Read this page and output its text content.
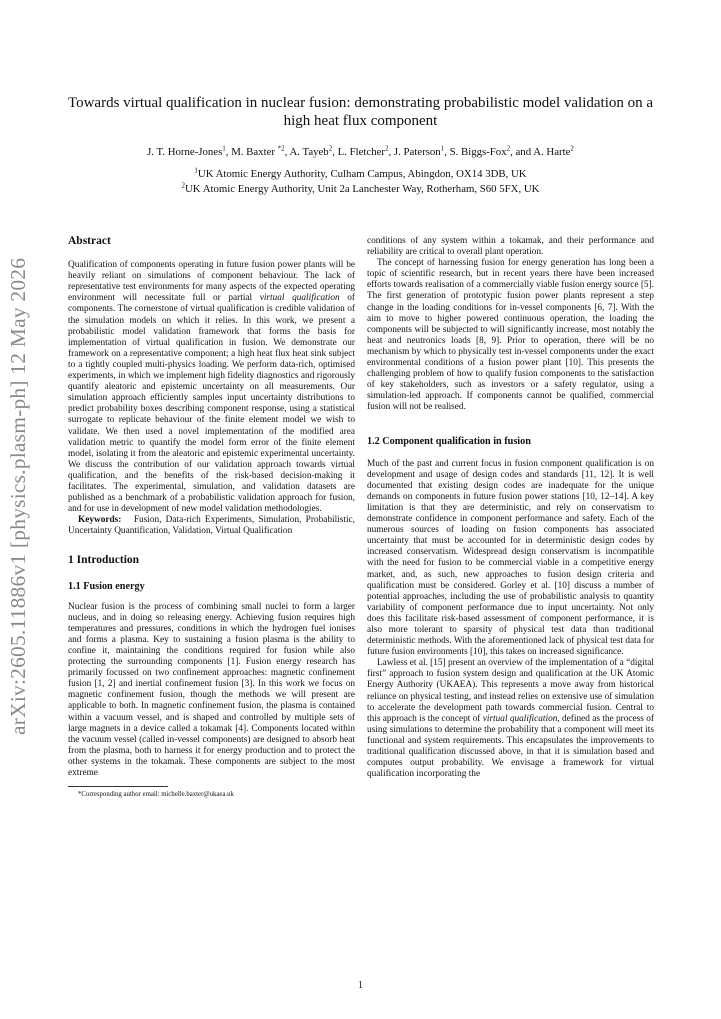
arXiv:2605.11886v1 [physics.plasm-ph] 12 May 2026
Towards virtual qualification in nuclear fusion: demonstrating probabilistic model validation on a high heat flux component
J. T. Horne-Jones$^1$, M. Baxter $^{*2}$, A. Tayeb$^2$, L. Fletcher$^2$, J. Paterson$^1$, S. Biggs-Fox$^2$, and A. Harte$^2$
$^1$UK Atomic Energy Authority, Culham Campus, Abingdon, OX14 3DB, UK
$^2$UK Atomic Energy Authority, Unit 2a Lanchester Way, Rotherham, S60 5FX, UK
Abstract

Qualification of components operating in future fusion power plants will be heavily reliant on simulations of component behaviour. The lack of representative test environments for many aspects of the expected operating environment will necessitate full or partial virtual qualification of components. The cornerstone of virtual qualification is credible validation of the simulation models on which it relies. In this work, we present a probabilistic model validation framework that forms the basis for implementation of virtual qualification in fusion. We demonstrate our framework on a representative component; a high heat flux heat sink subject to a tightly coupled multi-physics loading. We perform data-rich, optimised experiments, in which we implement high fidelity diagnostics and rigorously quantify aleatoric and epistemic uncertainty on all measurements. Our simulation approach efficiently samples input uncertainty distributions to predict probability boxes describing component response, using a statistical surrogate to replicate behaviour of the finite element model we wish to validate. We then used a novel implementation of the modified area validation metric to quantify the model form error of the finite element model, isolating it from the aleatoric and epistemic experimental uncertainty. We discuss the contribution of our validation approach towards virtual qualification, and the benefits of the risk-based decision-making it facilitates. The experimental, simulation, and validation datasets are published as a benchmark of a probabilistic validation approach for fusion, and for use in development of new model validation methodologies.

Keywords: Fusion, Data-rich Experiments, Simulation, Probabilistic, Uncertainty Quantification, Validation, Virtual Qualification

1 Introduction
1.1 Fusion energy

Nuclear fusion is the process of combining small nuclei to form a larger nucleus, and in doing so releasing energy. Achieving fusion requires high temperatures and pressures, conditions in which the hydrogen fuel ionises and forms a plasma. Key to sustaining a fusion plasma is the ability to confine it, maintaining the conditions required for fusion while also protecting the surrounding components [1]. Fusion energy research has primarily focussed on two confinement approaches: magnetic confinement fusion [1, 2] and inertial confinement fusion [3]. In this work we focus on magnetic confinement fusion, though the methods we will present are applicable to both. In magnetic confinement fusion, the plasma is contained within a vacuum vessel, and is shaped and controlled by multiple sets of large magnets in a device called a tokamak [4]. Components located within the vacuum vessel (called in-vessel components) are designed to absorb heat from the plasma, both to harness it for energy production and to protect the other systems in the tokamak. These components are subject to the most extreme

*Corresponding author email: michelle.baxter@ukaea.uk

conditions of any system within a tokamak, and their performance and reliability are critical to overall plant operation.

The concept of harnessing fusion for energy generation has long been a topic of scientific research, but in recent years there have been increased efforts towards realisation of a commercially viable fusion energy source [5]. The first generation of prototypic fusion power plants represent a step change in the loading conditions for in-vessel components [6, 7]. With the aim to move to higher powered continuous operation, the loading the components will be subjected to will significantly increase, most notably the heat and neutronics loads [8, 9]. Prior to operation, there will be no mechanism by which to physically test in-vessel components under the exact environmental conditions of a fusion power plant [10]. This presents the challenging problem of how to qualify fusion components to the satisfaction of key stakeholders, such as investors or a safety regulator, using a simulation-led approach. If components cannot be qualified, commercial fusion will not be realised.

1.2 Component qualification in fusion

Much of the past and current focus in fusion component qualification is on development and usage of design codes and standards [11, 12]. It is well documented that existing design codes are inadequate for the unique demands on components in future fusion power stations [10, 12–14]. A key limitation is that they are deterministic, and rely on conservatism to demonstrate confidence in component performance and safety. Each of the numerous sources of loading on fusion components has associated uncertainty that must be accounted for in deterministic design codes by increased conservatism. Widespread design conservatism is incompatible with the need for fusion to be commercial viable in a competitive energy market, and, as such, new approaches to fusion design criteria and qualification must be considered. Gorley et al. [10] discuss a number of potential approaches, including the use of probabilistic analysis to quantity variability of component performance due to input uncertainty. Not only does this facilitate risk-based assessment of component performance, it is also more tolerant to sparsity of physical test data than traditional deterministic methods. With the aforementioned lack of physical test data for future fusion environments [10], this takes on increased significance.

Lawless et al. [15] present an overview of the implementation of a “digital first” approach to fusion system design and qualification at the UK Atomic Energy Authority (UKAEA). This represents a move away from historical reliance on physical testing, and instead relies on extensive use of simulation to accelerate the development path towards commercial fusion. Central to this approach is the concept of virtual qualification, defined as the process of using simulations to determine the probability that a component will meet its functional and system requirements. This encapsulates the improvements to traditional qualification discussed above, in that it is simulation based and computes output probability. We envisage a framework for virtual qualification incorporating the

1
